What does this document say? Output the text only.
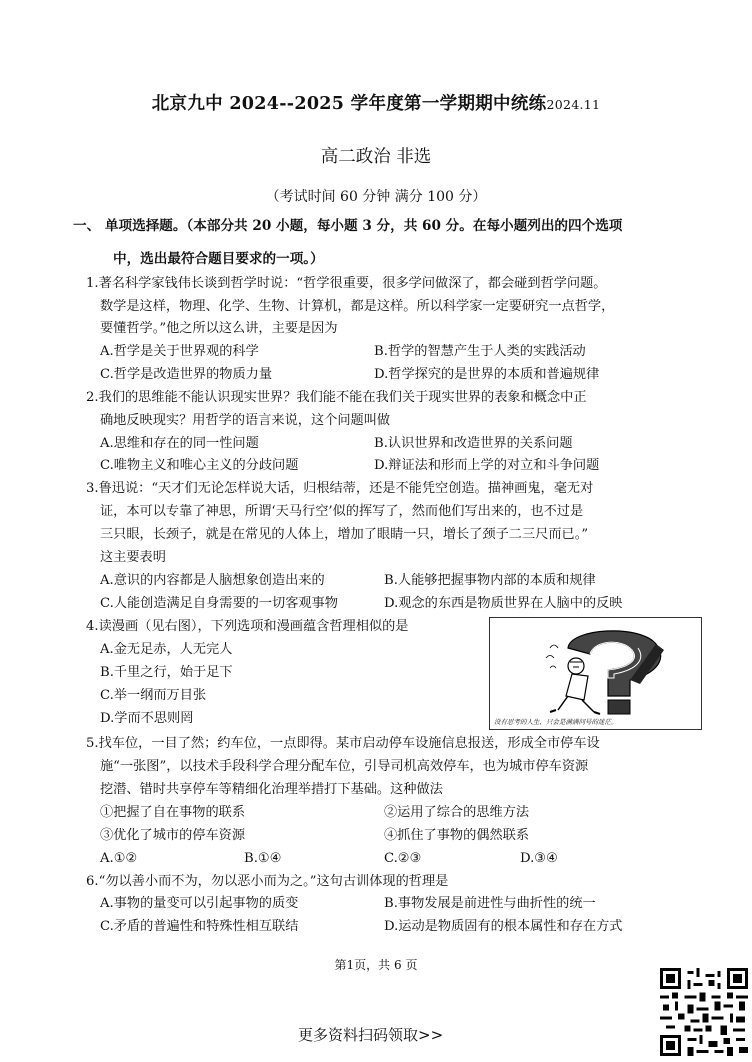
北京九中 2024--2025 学年度第一学期期中统练2024.11
高二政治 非选
（考试时间 60 分钟 满分 100 分）
一、 单项选择题。（本部分共 20 小题，每小题 3 分，共 60 分。在每小题列出的四个选项
中，选出最符合题目要求的一项。）
1.著名科学家钱伟长谈到哲学时说：“哲学很重要，很多学问做深了，都会碰到哲学问题。
数学是这样，物理、化学、生物、计算机，都是这样。所以科学家一定要研究一点哲学，
要懂哲学。”他之所以这么讲，主要是因为
A.哲学是关于世界观的科学	B.哲学的智慧产生于人类的实践活动
C.哲学是改造世界的物质力量	D.哲学探究的是世界的本质和普遍规律
2.我们的思维能不能认识现实世界？我们能不能在我们关于现实世界的表象和概念中正
确地反映现实？用哲学的语言来说，这个问题叫做
A.思维和存在的同一性问题	B.认识世界和改造世界的关系问题
C.唯物主义和唯心主义的分歧问题	D.辩证法和形而上学的对立和斗争问题
3.鲁迅说：“天才们无论怎样说大话，归根结蒂，还是不能凭空创造。描神画鬼，毫无对
证，本可以专靠了神思，所谓‘天马行空’似的挥写了，然而他们写出来的，也不过是
三只眼，长颈子，就是在常见的人体上，增加了眼睛一只，增长了颈子二三尺而已。”
这主要表明
A.意识的内容都是人脑想象创造出来的	B.人能够把握事物内部的本质和规律
C.人能创造满足自身需要的一切客观事物	D.观念的东西是物质世界在人脑中的反映
4.读漫画（见右图），下列选项和漫画蕴含哲理相似的是
A.金无足赤，人无完人
B.千里之行，始于足下
C.举一纲而万目张
D.学而不思则罔	没有思考的人生，只会是满满问号的迷茫。
5.找车位，一目了然；约车位，一点即得。某市启动停车设施信息报送，形成全市停车设
施“一张图”，以技术手段科学合理分配车位，引导司机高效停车，也为城市停车资源
挖潜、错时共享停车等精细化治理举措打下基础。这种做法
①把握了自在事物的联系	②运用了综合的思维方法
③优化了城市的停车资源	④抓住了事物的偶然联系
A.①②	B.①④	C.②③	D.③④
6.“勿以善小而不为，勿以恶小而为之。”这句古训体现的哲理是
A.事物的量变可以引起事物的质变	B.事物发展是前进性与曲折性的统一
C.矛盾的普遍性和特殊性相互联结	D.运动是物质固有的根本属性和存在方式
第1页，共 6 页
更多资料扫码领取>>
